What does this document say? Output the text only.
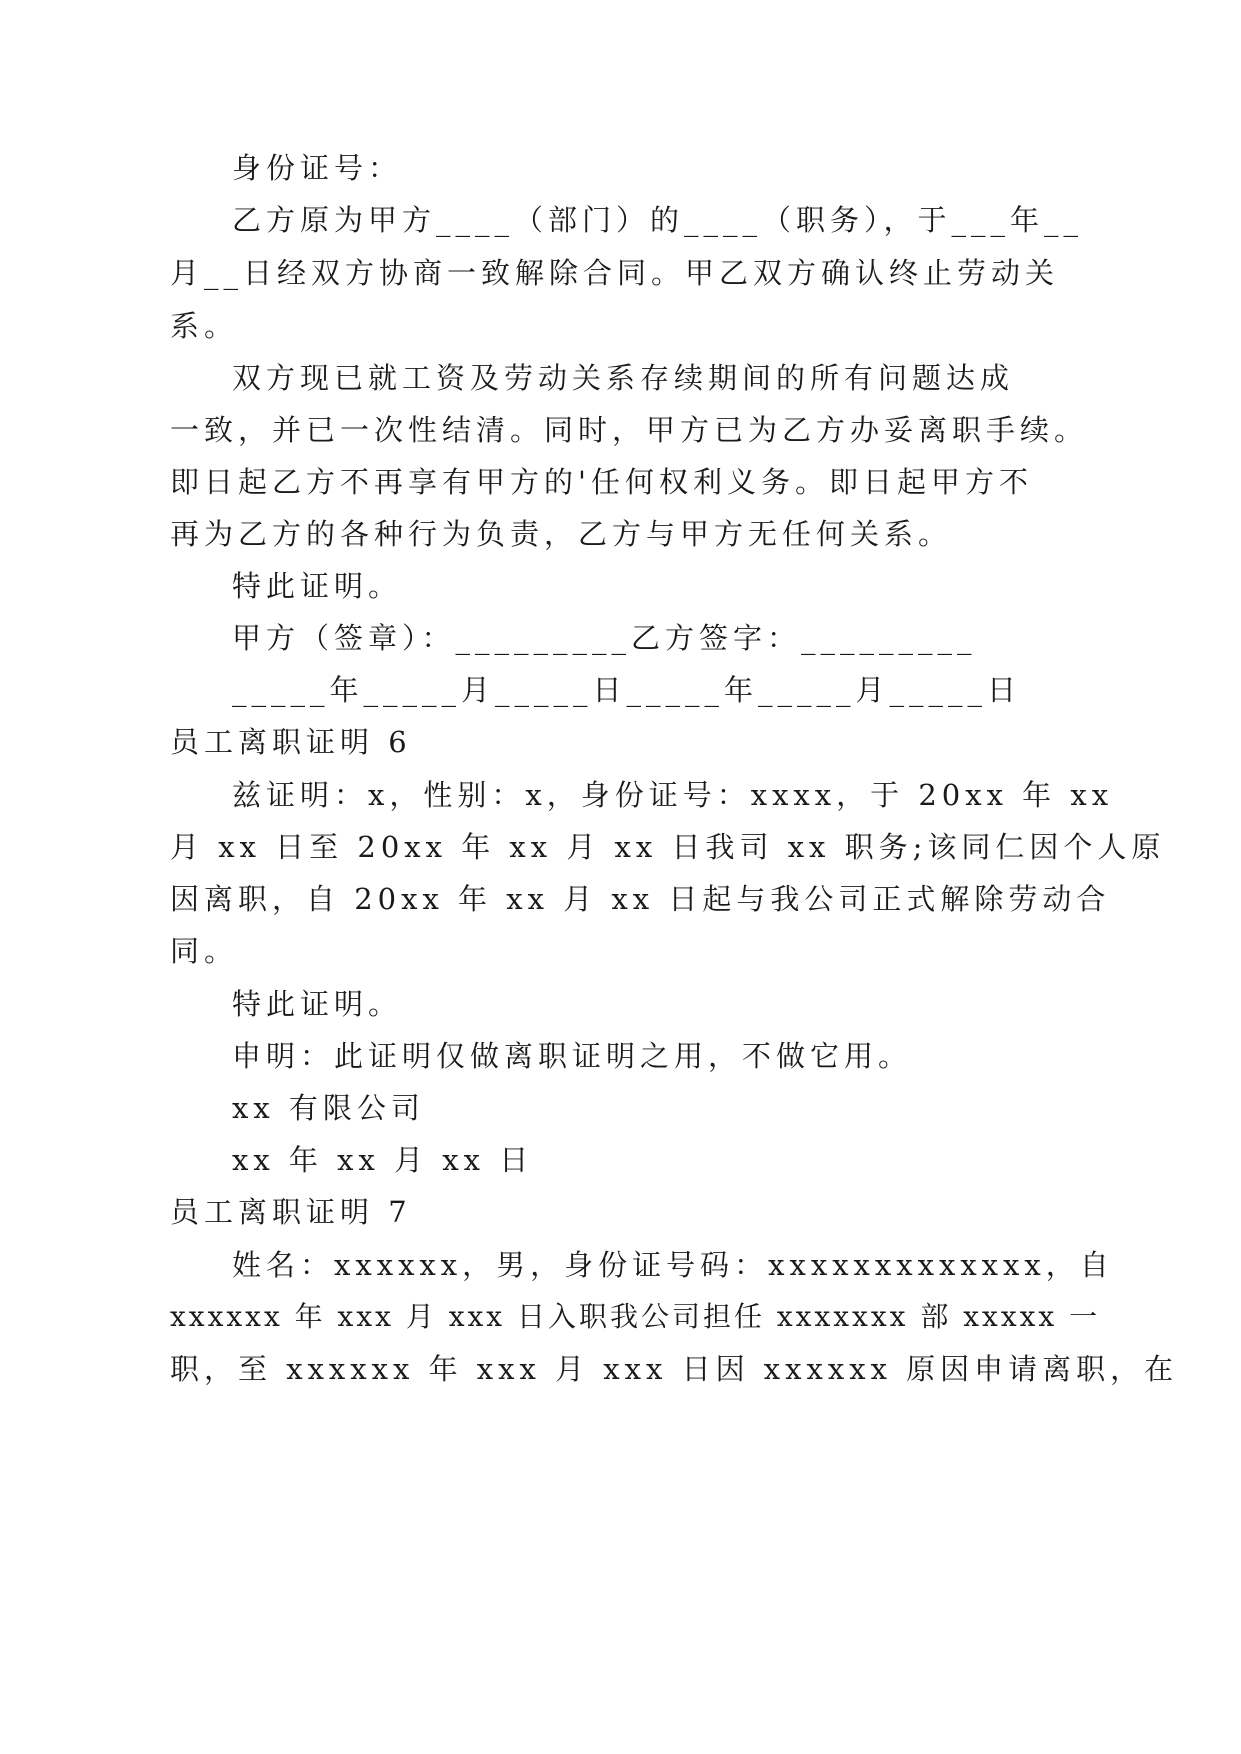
身份证号：
乙方原为甲方____（部门）的____（职务），于___年__
月__日经双方协商一致解除合同。甲乙双方确认终止劳动关
系。
双方现已就工资及劳动关系存续期间的所有问题达成
一致，并已一次性结清。同时，甲方已为乙方办妥离职手续。
即日起乙方不再享有甲方的'任何权利义务。即日起甲方不
再为乙方的各种行为负责，乙方与甲方无任何关系。
特此证明。
甲方（签章）：_________乙方签字：_________
_____年_____月_____日_____年_____月_____日
员工离职证明 6
兹证明：x，性别：x，身份证号：xxxx，于 20xx 年 xx
月 xx 日至 20xx 年 xx 月 xx 日我司 xx 职务;该同仁因个人原
因离职，自 20xx 年 xx 月 xx 日起与我公司正式解除劳动合
同。
特此证明。
申明：此证明仅做离职证明之用，不做它用。
xx 有限公司
xx 年 xx 月 xx 日
员工离职证明 7
姓名：xxxxxx，男，身份证号码：xxxxxxxxxxxxx，自
xxxxxx 年 xxx 月 xxx 日入职我公司担任 xxxxxxx 部 xxxxx 一
职，至 xxxxxx 年 xxx 月 xxx 日因 xxxxxx 原因申请离职，在
